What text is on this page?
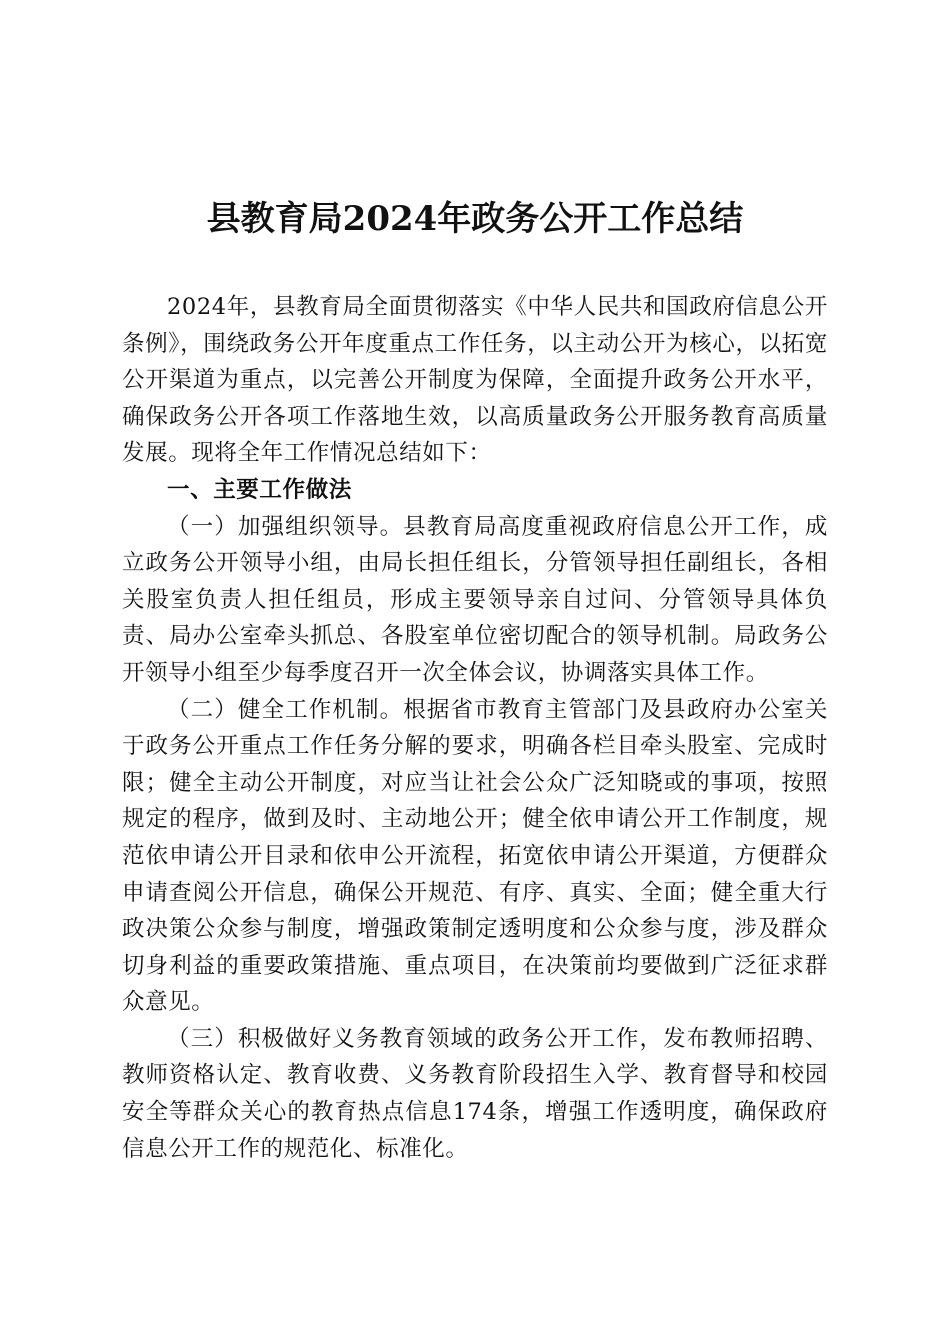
县教育局2024年政务公开工作总结

2024年，县教育局全面贯彻落实《中华人民共和国政府信息公开条例》，围绕政务公开年度重点工作任务，以主动公开为核心，以拓宽公开渠道为重点，以完善公开制度为保障，全面提升政务公开水平，确保政务公开各项工作落地生效，以高质量政务公开服务教育高质量发展。现将全年工作情况总结如下：

一、主要工作做法

（一）加强组织领导。县教育局高度重视政府信息公开工作，成立政务公开领导小组，由局长担任组长，分管领导担任副组长，各相关股室负责人担任组员，形成主要领导亲自过问、分管领导具体负责、局办公室牵头抓总、各股室单位密切配合的领导机制。局政务公开领导小组至少每季度召开一次全体会议，协调落实具体工作。

（二）健全工作机制。根据省市教育主管部门及县政府办公室关于政务公开重点工作任务分解的要求，明确各栏目牵头股室、完成时限；健全主动公开制度，对应当让社会公众广泛知晓或的事项，按照规定的程序，做到及时、主动地公开；健全依申请公开工作制度，规范依申请公开目录和依申公开流程，拓宽依申请公开渠道，方便群众申请查阅公开信息，确保公开规范、有序、真实、全面；健全重大行政决策公众参与制度，增强政策制定透明度和公众参与度，涉及群众切身利益的重要政策措施、重点项目，在决策前均要做到广泛征求群众意见。

（三）积极做好义务教育领域的政务公开工作，发布教师招聘、教师资格认定、教育收费、义务教育阶段招生入学、教育督导和校园安全等群众关心的教育热点信息174条，增强工作透明度，确保政府信息公开工作的规范化、标准化。
